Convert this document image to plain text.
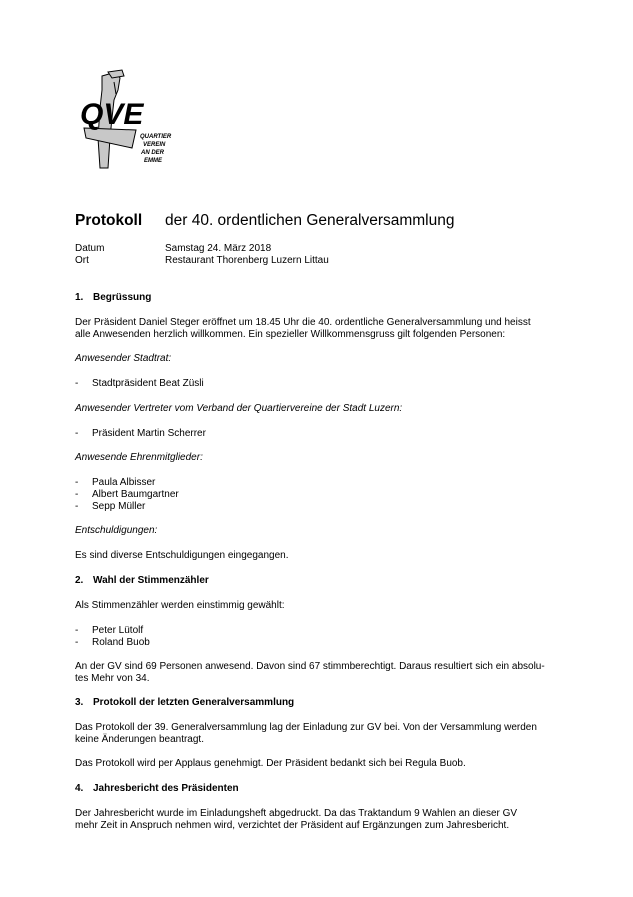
QVE
QUARTIER
VEREIN
AN DER
EMME
Protokoll der 40. ordentlichen Generalversammlung
Datum	Samstag 24. März 2018
Ort	Restaurant Thorenberg Luzern Littau
1. Begrüssung
Der Präsident Daniel Steger eröffnet um 18.45 Uhr die 40. ordentliche Generalversammlung und heisst
alle Anwesenden herzlich willkommen. Ein spezieller Willkommensgruss gilt folgenden Personen:
Anwesender Stadtrat:
- Stadtpräsident Beat Züsli
Anwesender Vertreter vom Verband der Quartiervereine der Stadt Luzern:
- Präsident Martin Scherrer
Anwesende Ehrenmitglieder:
- Paula Albisser
- Albert Baumgartner
- Sepp Müller
Entschuldigungen:
Es sind diverse Entschuldigungen eingegangen.
2. Wahl der Stimmenzähler
Als Stimmenzähler werden einstimmig gewählt:
- Peter Lütolf
- Roland Buob
An der GV sind 69 Personen anwesend. Davon sind 67 stimmberechtigt. Daraus resultiert sich ein absolu-
tes Mehr von 34.
3. Protokoll der letzten Generalversammlung
Das Protokoll der 39. Generalversammlung lag der Einladung zur GV bei. Von der Versammlung werden
keine Änderungen beantragt.
Das Protokoll wird per Applaus genehmigt. Der Präsident bedankt sich bei Regula Buob.
4. Jahresbericht des Präsidenten
Der Jahresbericht wurde im Einladungsheft abgedruckt. Da das Traktandum 9 Wahlen an dieser GV
mehr Zeit in Anspruch nehmen wird, verzichtet der Präsident auf Ergänzungen zum Jahresbericht.
